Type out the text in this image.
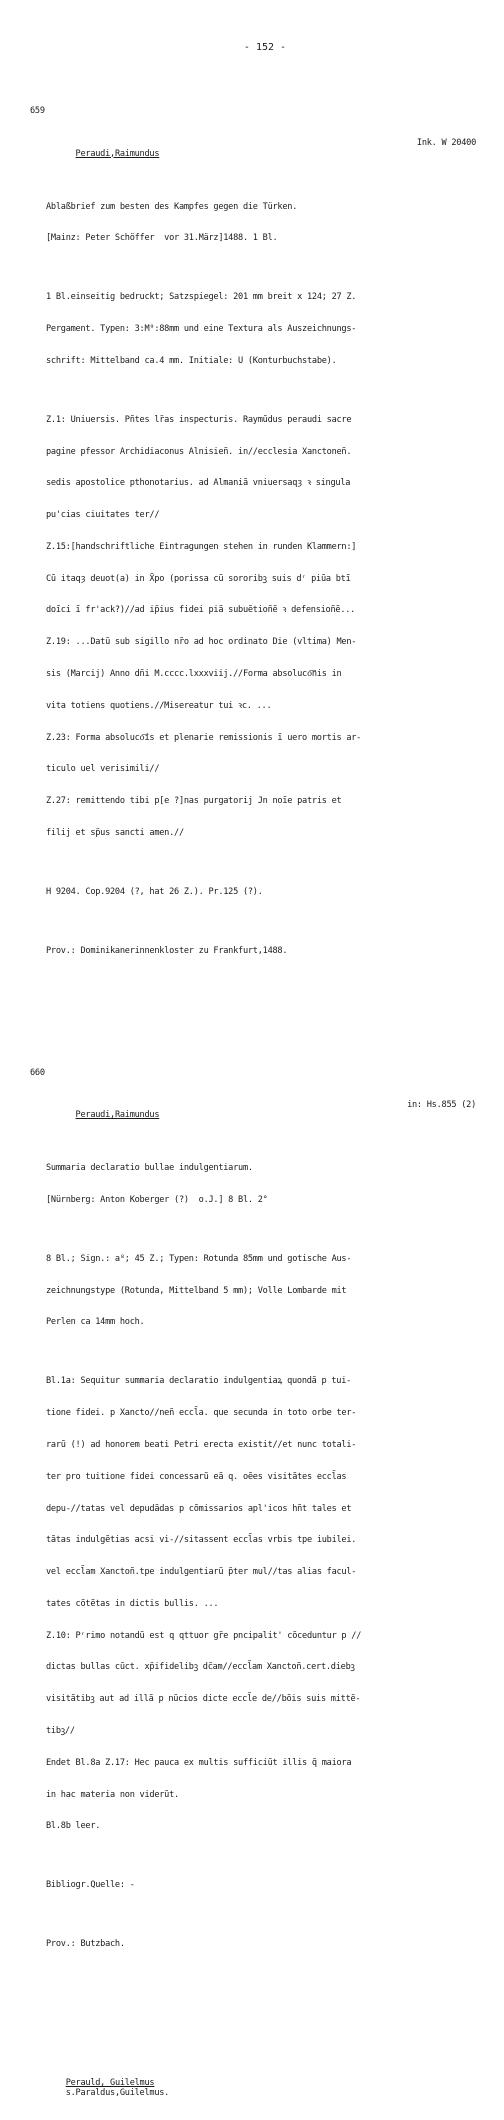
- 152 -

659

Peraudi,Raimundus

Ink. W 20400

Ablaßbrief zum besten des Kampfes gegen die Türken.

[Mainz: Peter Schöffer  vor 31.März]1488. 1 Bl.

1 Bl.einseitig bedruckt; Satzspiegel: 201 mm breit x 124; 27 Z.

Pergament. Typen: 3:M⁹:88mm und eine Textura als Auszeichnungs-

schrift: Mittelband ca.4 mm. Initiale: U (Konturbuchstabe).

Z.1: Uniuersis. Pñtes lr̃as inspecturis. Raymũdus peraudi sacre

pagine pfessor Archidiaconus Alnisieñ. in//ecclesia Xanctoneñ.

sedis apostolice pthonotarius. ad Almaniã vniuersaqȝ ꝛ singula

pu'cias ciuitates ter//

Z.15:[handschriftliche Eintragungen stehen in runden Klammern:]

Cũ itaqȝ deuot(a) in X̄po (porissa cũ sororibꝫ suis dʳ piũa btĩ

doĩci ĩ fr'ack?)//ad ip̃ius fidei piã subuẽtioñẽ ꝛ defensioñẽ...

Z.19: ...Datũ sub sigillo nr̃o ad hoc ordinato Die (vltima) Men-

sis (Marcij) Anno dñi M.cccc.lxxxviij.//Forma absoluco͠nis in

vita totiens quotiens.//Misereatur tui ꝛc. ...

Z.23: Forma absoluco͠is et plenarie remissionis ĩ uero mortis ar-

ticulo uel verisimili//

Z.27: remittendo tibi p[e ?]nas purgatorij Jn noĩe patris et

filij et sp̃us sancti amen.//

H 9204. Cop.9204 (?, hat 26 Z.). Pr.125 (?).

Prov.: Dominikanerinnenkloster zu Frankfurt,1488.

660

Peraudi,Raimundus

in: Hs.855 (2)

Summaria declaratio bullae indulgentiarum.

[Nürnberg: Anton Koberger (?)  o.J.] 8 Bl. 2°

8 Bl.; Sign.: a⁸; 45 Z.; Typen: Rotunda 85mm und gotische Aus-

zeichnungstype (Rotunda, Mittelband 5 mm); Volle Lombarde mit

Perlen ca 14mm hoch.

Bl.1a: Sequitur summaria declaratio indulgentiaꝝ quondã p tui-

tione fidei. p Xancto//neñ eccl̃a. que secunda in toto orbe ter-

rarũ (!) ad honorem beati Petri erecta existit//et nunc totali-

ter pro tuitione fidei concessarũ eã q. oẽes visitãtes eccl̃as

depu-//tatas vel depudãdas p cõmissarios apl'icos hñt tales et

tãtas indulgẽtias acsi vi-//sitassent eccl̃as vrbis tpe iubilei.

vel eccl̃am Xanctoñ.tpe indulgentiarũ p̃ter mul//tas alias facul-

tates cõtẽtas in dictis bullis. ...

Z.10: Pʳrimo notandũ est q qttuor gr̃e pncipalit' cõceduntur p //

dictas bullas cũct. xp̃ifidelibꝫ dc̃am//eccl̃am Xanctoñ.cert.diebꝫ

visitãtibꝫ aut ad illã p nũcios dicte eccl̃e de//bõis suis mittẽ-

tibꝫ//

Endet Bl.8a Z.17: Hec pauca ex multis sufficiũt illis q̃ maiora

in hac materia non viderũt.

Bl.8b leer.

Bibliogr.Quelle: -

Prov.: Butzbach.

Perauld, Guilelmus
s.Paraldus,Guilelmus.
